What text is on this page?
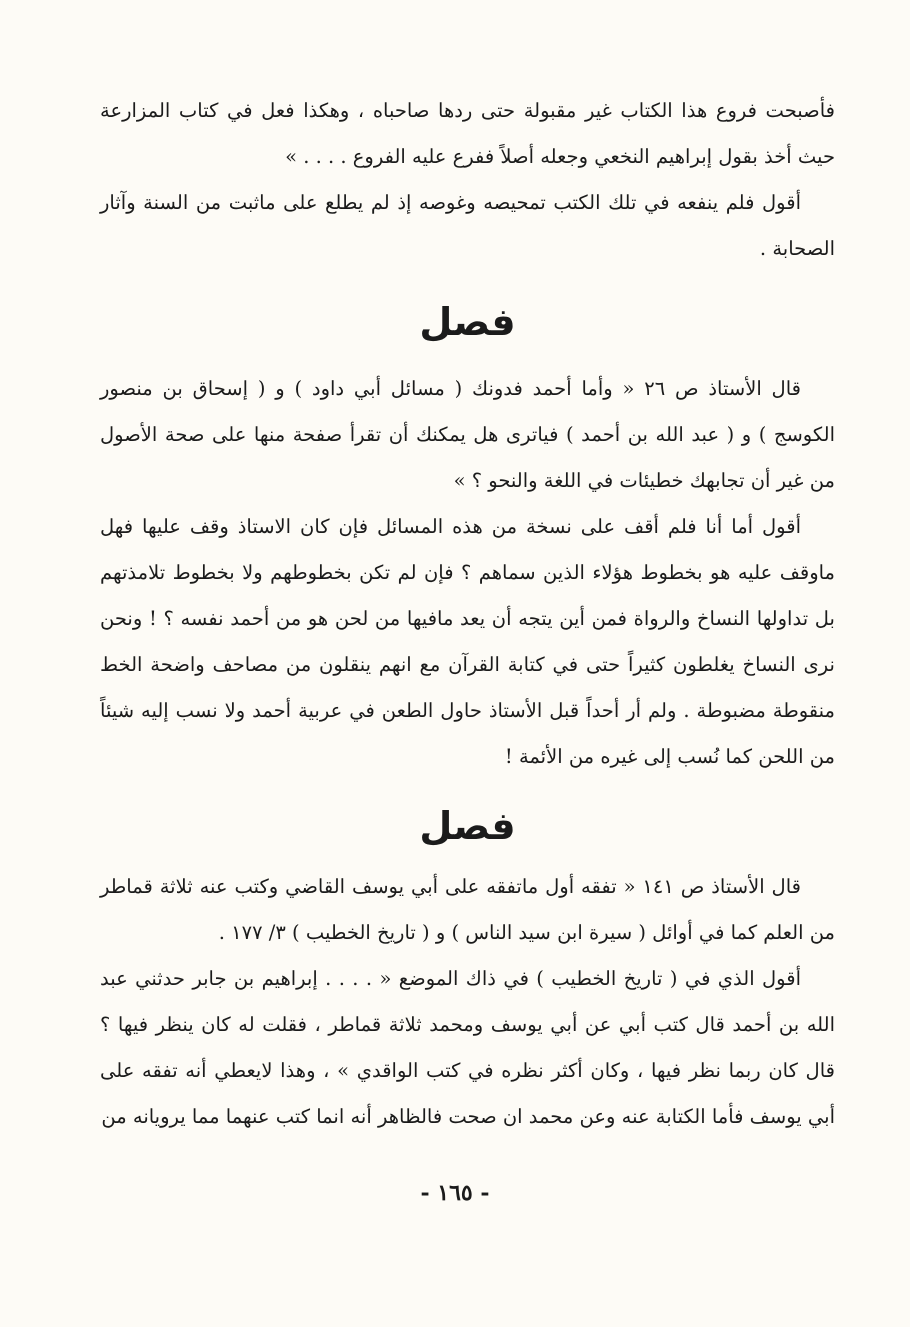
فأصبحت فروع هذا الكتاب غير مقبولة حتى ردها صاحباه ، وهكذا فعل في كتاب المزارعة حيث أخذ بقول إبراهيم النخعي وجعله أصلاً ففرع عليه الفروع . . . . »

أقول فلم ينفعه في تلك الكتب تمحيصه وغوصه إذ لم يطلع على ماثبت من السنة وآثار الصحابة .

فصل

قال الأستاذ ص ٢٦ « وأما أحمد فدونك ( مسائل أبي داود ) و ( إسحاق بن منصور الكوسج ) و ( عبد الله بن أحمد ) فياترى هل يمكنك أن تقرأ صفحة منها على صحة الأصول من غير أن تجابهك خطيئات في اللغة والنحو ؟ »

أقول أما أنا فلم أقف على نسخة من هذه المسائل فإن كان الاستاذ وقف عليها فهل ماوقف عليه هو بخطوط هؤلاء الذين سماهم ؟ فإن لم تكن بخطوطهم ولا بخطوط تلامذتهم بل تداولها النساخ والرواة فمن أين يتجه أن يعد مافيها من لحن هو من أحمد نفسه ؟ ! ونحن نرى النساخ يغلطون كثيراً حتى في كتابة القرآن مع انهم ينقلون من مصاحف واضحة الخط منقوطة مضبوطة . ولم أر أحداً قبل الأستاذ حاول الطعن في عربية أحمد ولا نسب إليه شيئاً من اللحن كما نُسب إلى غيره من الأئمة !

فصل

قال الأستاذ ص ١٤١ « تفقه أول ماتفقه على أبي يوسف القاضي وكتب عنه ثلاثة قماطر من العلم كما في أوائل ( سيرة ابن سيد الناس ) و ( تاريخ الخطيب ) ٣/ ١٧٧ .

أقول الذي في ( تاريخ الخطيب ) في ذاك الموضع « . . . . إبراهيم بن جابر حدثني عبد الله بن أحمد قال كتب أبي عن أبي يوسف ومحمد ثلاثة قماطر ، فقلت له كان ينظر فيها ؟ قال كان ربما نظر فيها ، وكان أكثر نظره في كتب الواقدي » ، وهذا لايعطي أنه تفقه على أبي يوسف فأما الكتابة عنه وعن محمد ان صحت فالظاهر أنه انما كتب عنهما مما يرويانه من

- ١٦٥ -
